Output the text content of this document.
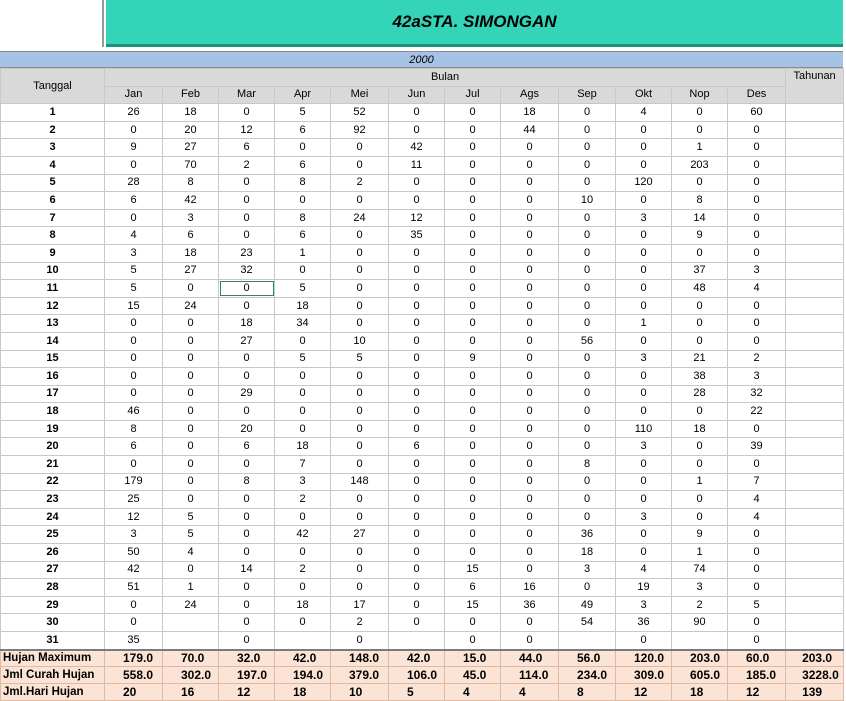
42aSTA. SIMONGAN
2000
Tanggal	Bulan												Tahunan
	Jan	Feb	Mar	Apr	Mei	Jun	Jul	Ags	Sep	Okt	Nop	Des	
1	26	18	0	5	52	0	0	18	0	4	0	60	
2	0	20	12	6	92	0	0	44	0	0	0	0	
3	9	27	6	0	0	42	0	0	0	0	1	0	
4	0	70	2	6	0	11	0	0	0	0	203	0	
5	28	8	0	8	2	0	0	0	0	120	0	0	
6	6	42	0	0	0	0	0	0	10	0	8	0	
7	0	3	0	8	24	12	0	0	0	3	14	0	
8	4	6	0	6	0	35	0	0	0	0	9	0	
9	3	18	23	1	0	0	0	0	0	0	0	0	
10	5	27	32	0	0	0	0	0	0	0	37	3	
11	5	0	0	5	0	0	0	0	0	0	48	4	
12	15	24	0	18	0	0	0	0	0	0	0	0	
13	0	0	18	34	0	0	0	0	0	1	0	0	
14	0	0	27	0	10	0	0	0	56	0	0	0	
15	0	0	0	5	5	0	9	0	0	3	21	2	
16	0	0	0	0	0	0	0	0	0	0	38	3	
17	0	0	29	0	0	0	0	0	0	0	28	32	
18	46	0	0	0	0	0	0	0	0	0	0	22	
19	8	0	20	0	0	0	0	0	0	110	18	0	
20	6	0	6	18	0	6	0	0	0	3	0	39	
21	0	0	0	7	0	0	0	0	8	0	0	0	
22	179	0	8	3	148	0	0	0	0	0	1	7	
23	25	0	0	2	0	0	0	0	0	0	0	4	
24	12	5	0	0	0	0	0	0	0	3	0	4	
25	3	5	0	42	27	0	0	0	36	0	9	0	
26	50	4	0	0	0	0	0	0	18	0	1	0	
27	42	0	14	2	0	0	15	0	3	4	74	0	
28	51	1	0	0	0	0	6	16	0	19	3	0	
29	0	24	0	18	17	0	15	36	49	3	2	5	
30	0		0	0	2	0	0	0	54	36	90	0	
31	35		0		0		0	0		0		0	
Hujan Maximum	179.0	70.0	32.0	42.0	148.0	42.0	15.0	44.0	56.0	120.0	203.0	60.0	203.0
Jml Curah Hujan	558.0	302.0	197.0	194.0	379.0	106.0	45.0	114.0	234.0	309.0	605.0	185.0	3228.0
Jml.Hari Hujan	20	16	12	18	10	5	4	4	8	12	18	12	139
